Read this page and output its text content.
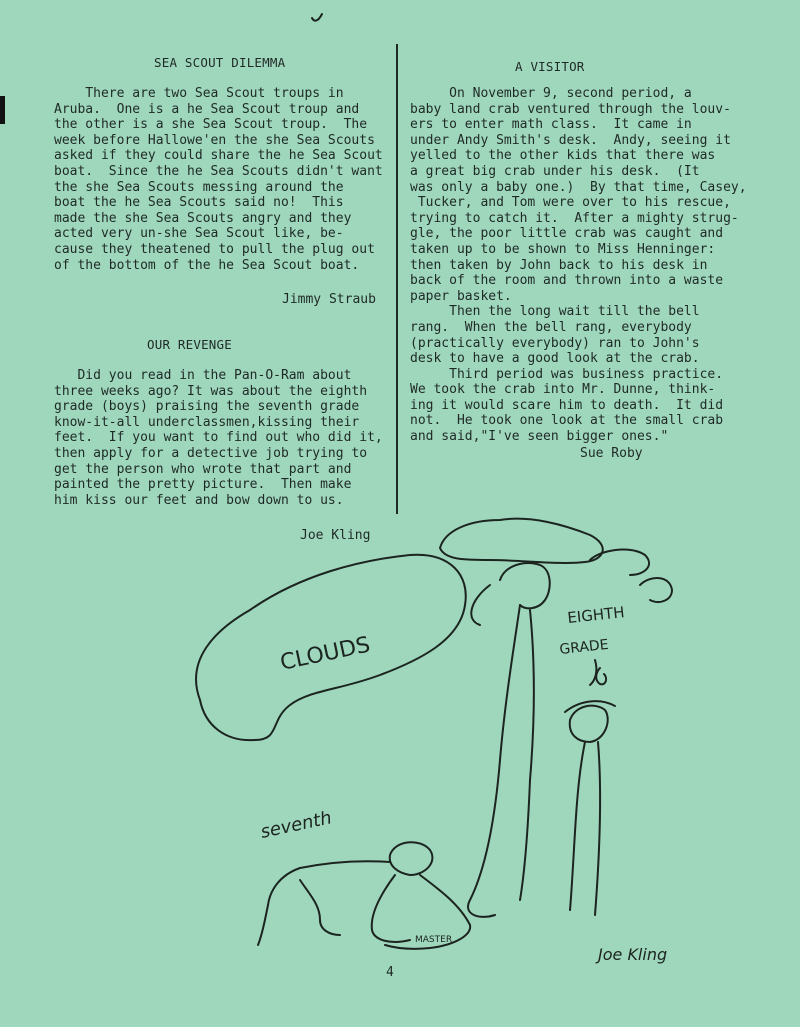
SEA SCOUT DILEMMA
There are two Sea Scout troups in
Aruba.  One is a he Sea Scout troup and
the other is a she Sea Scout troup.  The
week before Hallowe'en the she Sea Scouts
asked if they could share the he Sea Scout
boat.  Since the he Sea Scouts didn't want
the she Sea Scouts messing around the
boat the he Sea Scouts said no!  This
made the she Sea Scouts angry and they
acted very un-she Sea Scout like, be-
cause they theatened to pull the plug out
of the bottom of the he Sea Scout boat.
Jimmy Straub
OUR REVENGE
Did you read in the Pan-O-Ram about
three weeks ago? It was about the eighth
grade (boys) praising the seventh grade
know-it-all underclassmen,kissing their
feet.  If you want to find out who did it,
then apply for a detective job trying to
get the person who wrote that part and
painted the pretty picture.  Then make
him kiss our feet and bow down to us.
Joe Kling
A VISITOR
On November 9, second period, a
baby land crab ventured through the louv-
ers to enter math class.  It came in
under Andy Smith's desk.  Andy, seeing it
yelled to the other kids that there was
a great big crab under his desk.  (It
was only a baby one.)  By that time, Casey,
Tucker, and Tom were over to his rescue,
trying to catch it.  After a mighty strug-
gle, the poor little crab was caught and
taken up to be shown to Miss Henninger:
then taken by John back to his desk in
back of the room and thrown into a waste
paper basket.
Then the long wait till the bell
rang.  When the bell rang, everybody
(practically everybody) ran to John's
desk to have a good look at the crab.
Third period was business practice.
We took the crab into Mr. Dunne, think-
ing it would scare him to death.  It did
not.  He took one look at the small crab
and said,"I've seen bigger ones."
Sue Roby
CLOUDS
EIGHTH
GRADE
seventh
MASTER
Joe Kling
4
